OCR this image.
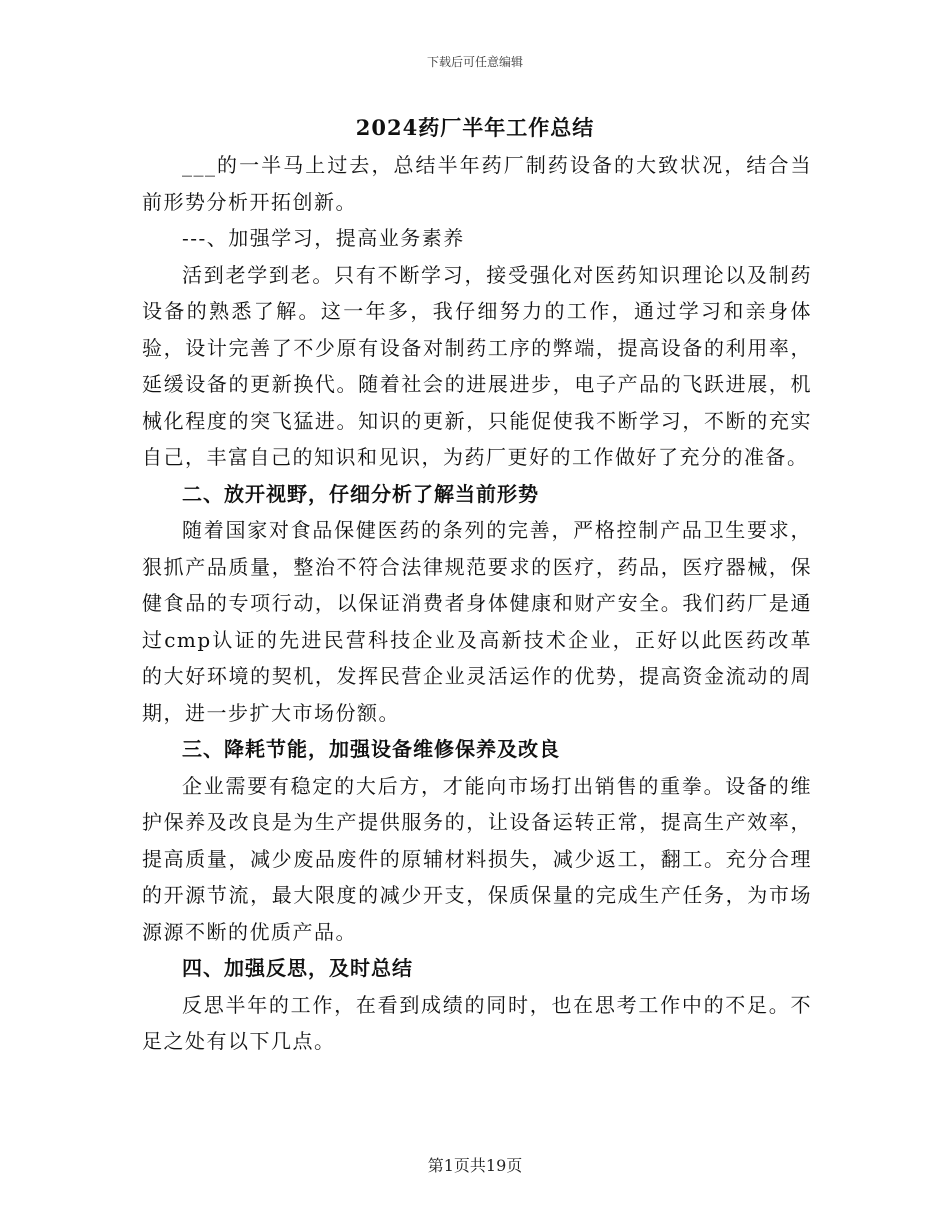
下载后可任意编辑
2024药厂半年工作总结

___的一半马上过去，总结半年药厂制药设备的大致状况，结合当前形势分析开拓创新。

---、加强学习，提高业务素养

活到老学到老。只有不断学习，接受强化对医药知识理论以及制药设备的熟悉了解。这一年多，我仔细努力的工作，通过学习和亲身体验，设计完善了不少原有设备对制药工序的弊端，提高设备的利用率，延缓设备的更新换代。随着社会的进展进步，电子产品的飞跃进展，机械化程度的突飞猛进。知识的更新，只能促使我不断学习，不断的充实自己，丰富自己的知识和见识，为药厂更好的工作做好了充分的准备。

二、放开视野，仔细分析了解当前形势

随着国家对食品保健医药的条列的完善，严格控制产品卫生要求，狠抓产品质量，整治不符合法律规范要求的医疗，药品，医疗器械，保健食品的专项行动，以保证消费者身体健康和财产安全。我们药厂是通过cmp认证的先进民营科技企业及高新技术企业，正好以此医药改革的大好环境的契机，发挥民营企业灵活运作的优势，提高资金流动的周期，进一步扩大市场份额。

三、降耗节能，加强设备维修保养及改良

企业需要有稳定的大后方，才能向市场打出销售的重拳。设备的维护保养及改良是为生产提供服务的，让设备运转正常，提高生产效率，提高质量，减少废品废件的原辅材料损失，减少返工，翻工。充分合理的开源节流，最大限度的减少开支，保质保量的完成生产任务，为市场源源不断的优质产品。

四、加强反思，及时总结

反思半年的工作，在看到成绩的同时，也在思考工作中的不足。不足之处有以下几点。

第1页共19页
